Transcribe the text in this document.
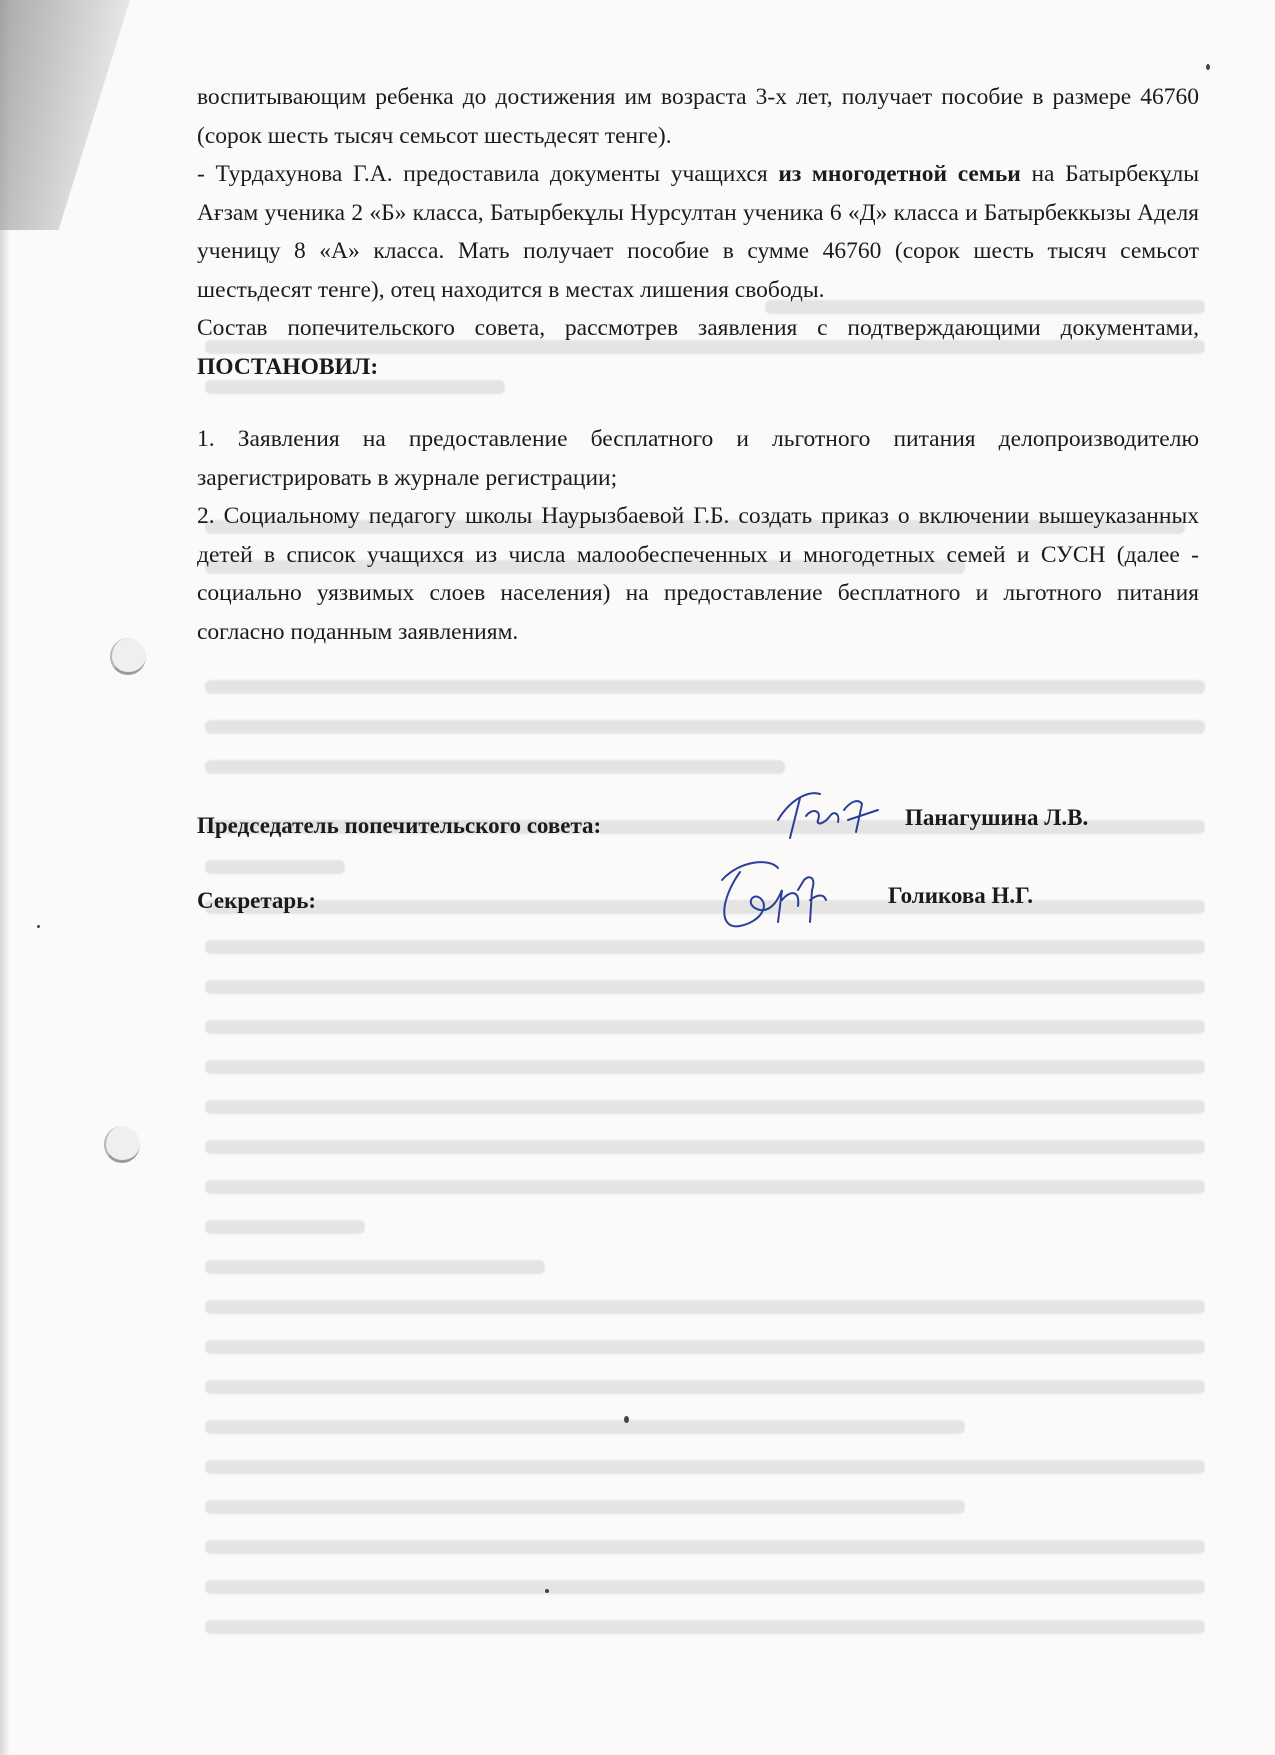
воспитывающим ребенка до достижения им возраста 3-х лет, получает пособие в размере 46760 (сорок шесть тысяч семьсот шестьдесят тенге).

- Турдахунова Г.А. предоставила документы учащихся из многодетной семьи на Батырбекұлы Ағзам ученика 2 «Б» класса, Батырбекұлы Нурсултан ученика 6 «Д» класса и Батырбеккызы Аделя ученицу 8 «А» класса. Мать получает пособие в сумме 46760 (сорок шесть тысяч семьсот шестьдесят тенге), отец находится в местах лишения свободы.

Состав попечительского совета, рассмотрев заявления с подтверждающими документами, ПОСТАНОВИЛ:

1. Заявления на предоставление бесплатного и льготного питания делопроизводителю зарегистрировать в журнале регистрации;

2. Социальному педагогу школы Наурызбаевой Г.Б. создать приказ о включении вышеуказанных детей в список учащихся из числа малообеспеченных и многодетных семей и СУСН (далее - социально уязвимых слоев населения) на предоставление бесплатного и льготного питания согласно поданным заявлениям.

Председатель попечительского совета:	Панагушина Л.В.
Секретарь:	Голикова Н.Г.
